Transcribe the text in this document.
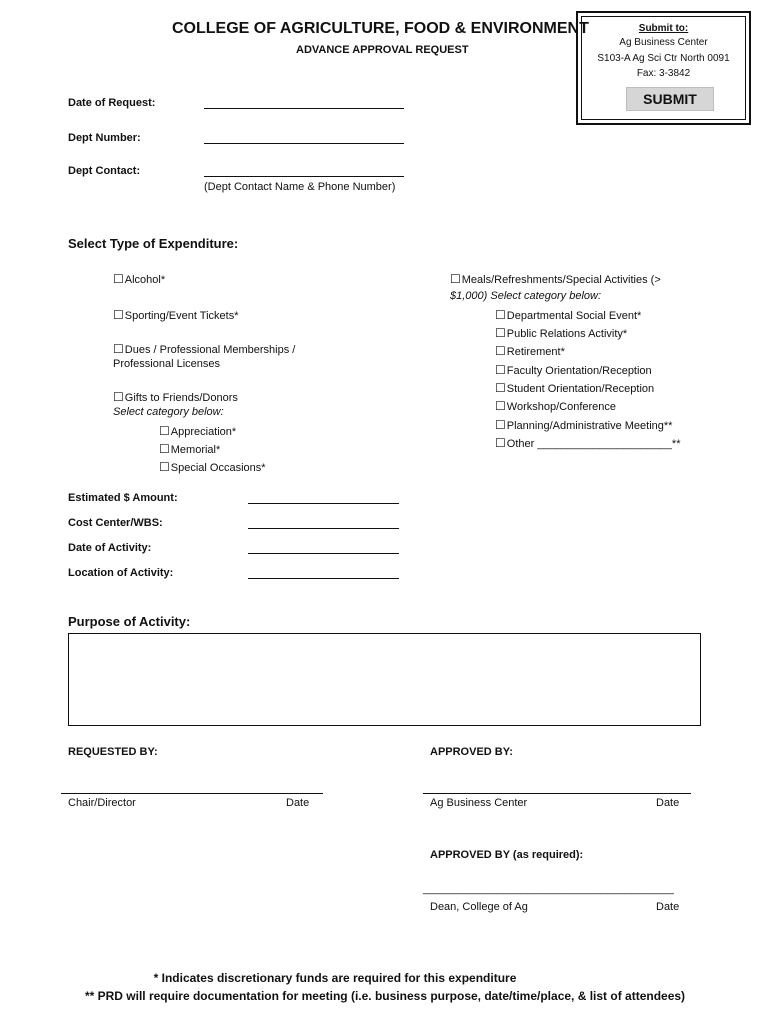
COLLEGE OF AGRICULTURE, FOOD & ENVIRONMENT
ADVANCE APPROVAL REQUEST
Submit to:
Ag Business Center
S103-A Ag Sci Ctr North 0091
Fax: 3-3842
SUBMIT
Date of Request:
Dept Number:
Dept Contact:
(Dept Contact Name & Phone Number)
Select Type of Expenditure:
☐ Alcohol*
☐ Sporting/Event Tickets*
☐ Dues / Professional Memberships /
Professional Licenses
☐ Gifts to Friends/Donors
Select category below:
☐ Appreciation*
☐ Memorial*
☐ Special Occasions*
☐ Meals/Refreshments/Special Activities (>
$1,000) Select category below:
☐ Departmental Social Event*
☐ Public Relations Activity*
☐ Retirement*
☐ Faculty Orientation/Reception
☐ Student Orientation/Reception
☐ Workshop/Conference
☐ Planning/Administrative Meeting**
☐ Other ______________________**
Estimated $ Amount:
Cost Center/WBS:
Date of Activity:
Location of Activity:
Purpose of Activity:
REQUESTED BY:	APPROVED BY:
Chair/Director	Date	Ag Business Center	Date
APPROVED BY (as required):
_________________________________________
Dean, College of Ag	Date
* Indicates discretionary funds are required for this expenditure
** PRD will require documentation for meeting (i.e. business purpose, date/time/place, & list of attendees)
